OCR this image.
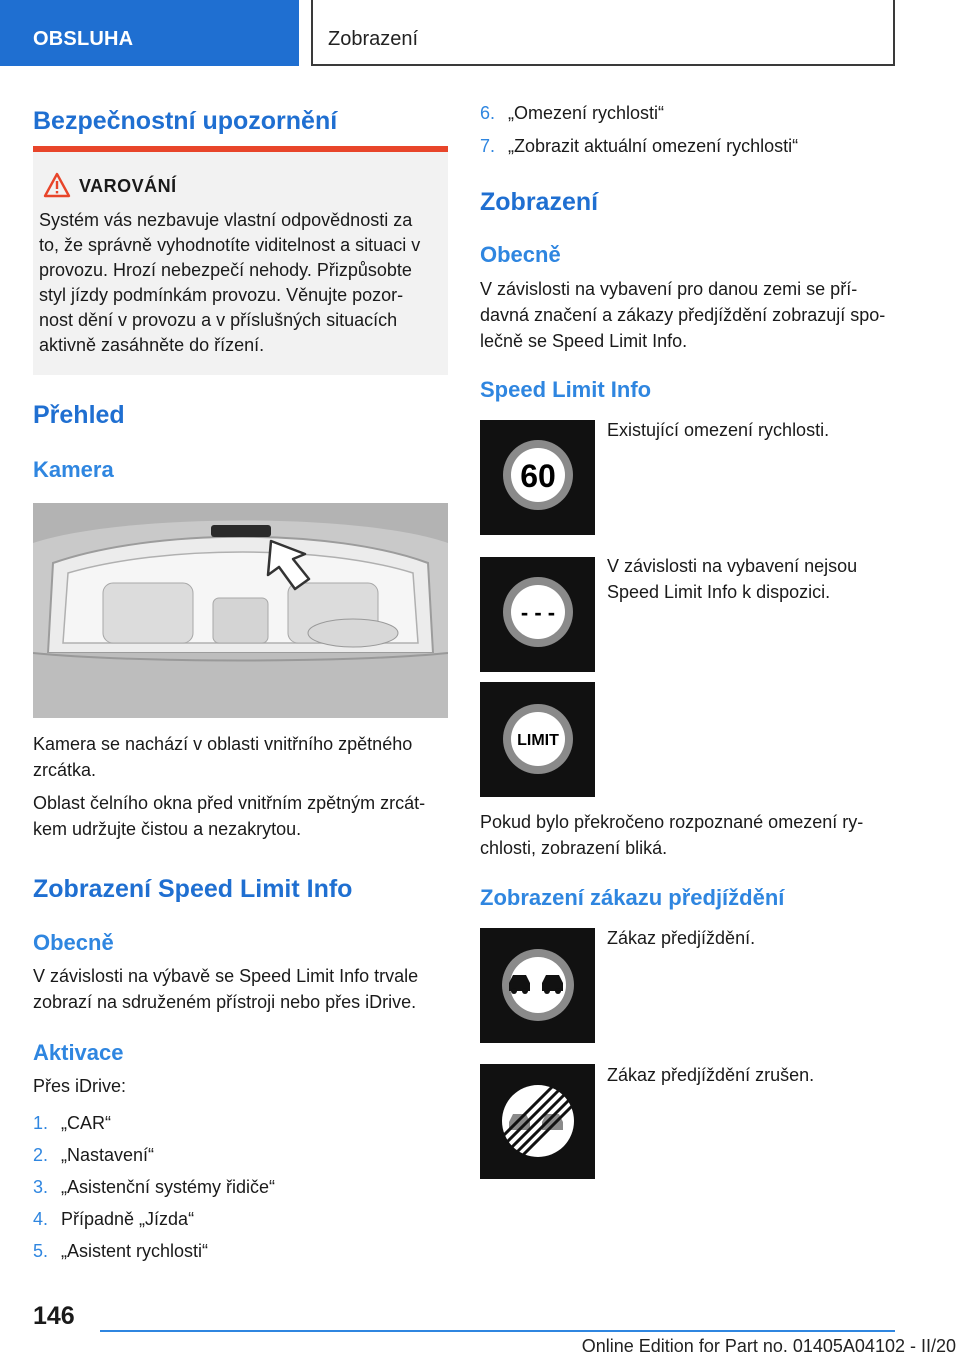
OBSLUHA	Zobrazení
Bezpečnostní upozornění
VAROVÁNÍ
Systém vás nezbavuje vlastní odpovědnosti za
to, že správně vyhodnotíte viditelnost a situaci v
provozu. Hrozí nebezpečí nehody. Přizpůsobte
styl jízdy podmínkám provozu. Věnujte pozor-
nost dění v provozu a v příslušných situacích
aktivně zasáhněte do řízení.
Přehled
Kamera
Kamera se nachází v oblasti vnitřního zpětného
zrcátka.
Oblast čelního okna před vnitřním zpětným zrcát-
kem udržujte čistou a nezakrytou.
Zobrazení Speed Limit Info
Obecně
V závislosti na výbavě se Speed Limit Info trvale
zobrazí na sdruženém přístroji nebo přes iDrive.
Aktivace
Přes iDrive:
1. „CAR“
2. „Nastavení“
3. „Asistenční systémy řidiče“
4. Případně „Jízda“
5. „Asistent rychlosti“
6. „Omezení rychlosti“
7. „Zobrazit aktuální omezení rychlosti“
Zobrazení
Obecně
V závislosti na vybavení pro danou zemi se pří-
davná značení a zákazy předjíždění zobrazují spo-
lečně se Speed Limit Info.
Speed Limit Info
60
Existující omezení rychlosti.
- - -
V závislosti na vybavení nejsou
Speed Limit Info k dispozici.
LIMIT
Pokud bylo překročeno rozpoznané omezení ry-
chlosti, zobrazení bliká.
Zobrazení zákazu předjíždění
Zákaz předjíždění.
Zákaz předjíždění zrušen.
146
Online Edition for Part no. 01405A04102 - II/20
